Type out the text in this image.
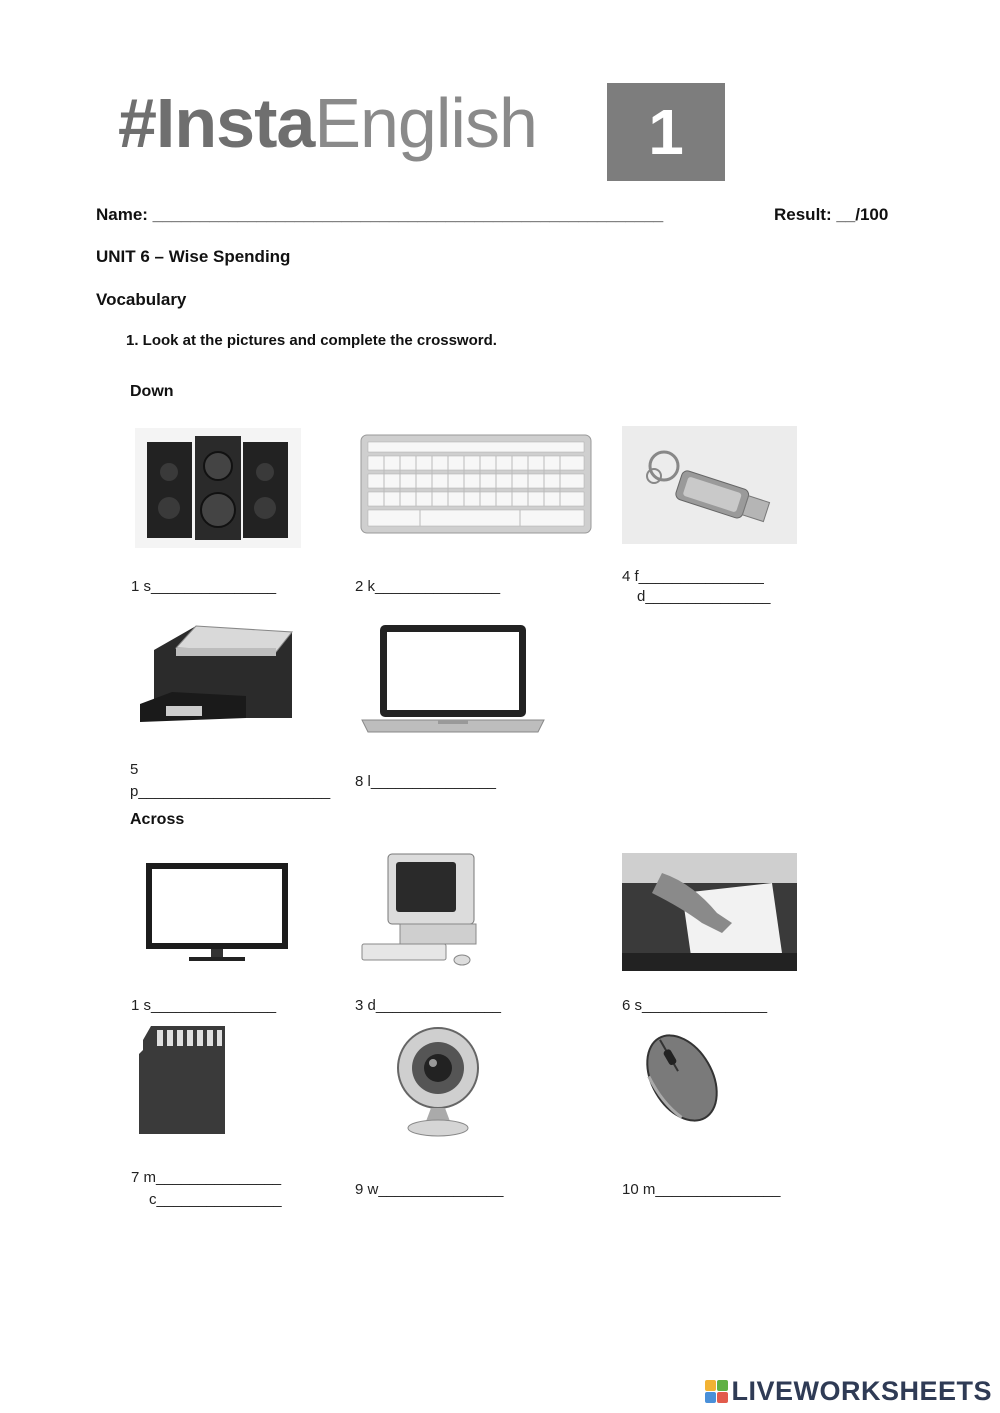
#InstaEnglish	1
Name: ______________________________________________________	Result: __/100
UNIT 6 – Wise Spending
Vocabulary
1. Look at the pictures and complete the crossword.
Down
1 s_______________	2 k_______________
4 f_______________
d_______________
5
p_______________________
8 l_______________
Across
1 s_______________	3 d_______________	6 s_______________
7 m_______________
c_______________
9 w_______________	10 m_______________
LIVEWORKSHEETS
